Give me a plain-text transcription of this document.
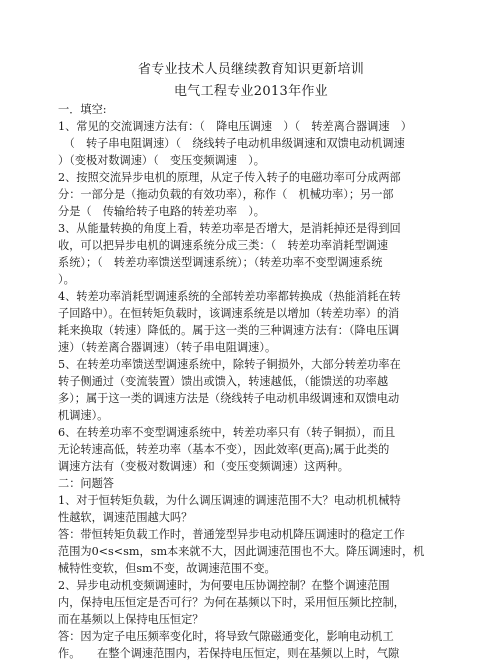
省专业技术人员继续教育知识更新培训
电气工程专业2013年作业
一．填空:
1、常见的交流调速方法有：（　降电压调速　）（　转差离合器调速　）
　（　转子串电阻调速）（　绕线转子电动机串级调速和双馈电动机调速
）（变极对数调速）（　变压变频调速　）。
2、按照交流异步电机的原理，从定子传入转子的电磁功率可分成两部
分：一部分是（拖动负载的有效功率），称作（　机械功率）；另一部
分是（　传输给转子电路的转差功率　）。
3、从能量转换的角度上看，转差功率是否增大，是消耗掉还是得到回
收，可以把异步电机的调速系统分成三类：（　转差功率消耗型调速
系统）；（　转差功率馈送型调速系统）；（转差功率不变型调速系统
）。
4、转差功率消耗型调速系统的全部转差功率都转换成（热能消耗在转
子回路中）。在恒转矩负载时，该调速系统是以增加（转差功率）的消
耗来换取（转速）降低的。属于这一类的三种调速方法有：（降电压调
速）（转差离合器调速）（转子串电阻调速）。
5、在转差功率馈送型调速系统中，除转子铜损外，大部分转差功率在
转子侧通过（变流装置）馈出或馈入，转速越低，（能馈送的功率越
多）；属于这一类的调速方法是（绕线转子电动机串级调速和双馈电动
机调速）。
6、在转差功率不变型调速系统中，转差功率只有（转子铜损），而且
无论转速高低，转差功率（基本不变），因此效率(更高);属于此类的
调速方法有（变极对数调速）和（变压变频调速）这两种。
二：问题答
1、对于恒转矩负载，为什么调压调速的调速范围不大？电动机机械特
性越软，调速范围越大吗？
答：带恒转矩负载工作时，普通笼型异步电动机降压调速时的稳定工作
范围为0<s<sm，sm本来就不大，因此调速范围也不大。降压调速时，机
械特性变软，但sm不变，故调速范围不变。
2、异步电动机变频调速时，为何要电压协调控制？在整个调速范围
内，保持电压恒定是否可行？为何在基频以下时，采用恒压频比控制，
而在基频以上保持电压恒定？
答：因为定子电压频率变化时，将导致气隙磁通变化，影响电动机工
作。　　在整个调速范围内，若保持电压恒定，则在基频以上时，气隙
